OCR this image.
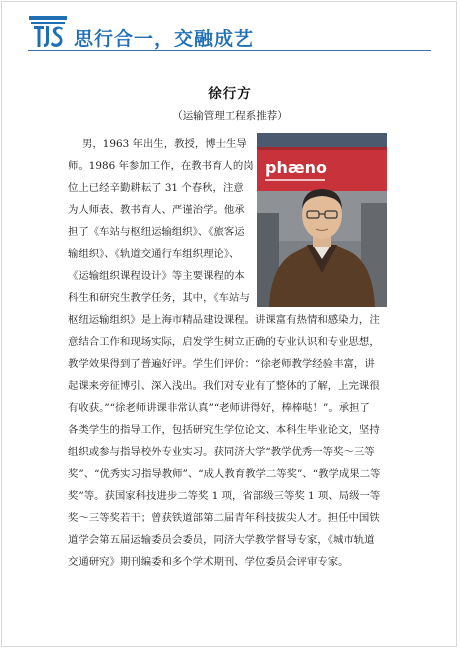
思行合一，交融成艺
徐行方
（运输管理工程系推荐）
phæno
男，1963 年出生，教授，博士生导
师。1986 年参加工作，在教书育人的岗
位上已经辛勤耕耘了 31 个春秋，注意
为人师表、教书育人、严谨治学。他承
担了《车站与枢纽运输组织》、《旅客运
输组织》、《轨道交通行车组织理论》、
《运输组织课程设计》等主要课程的本
科生和研究生教学任务，其中，《车站与
枢纽运输组织》是上海市精品建设课程。讲课富有热情和感染力，注
意结合工作和现场实际，启发学生树立正确的专业认识和专业思想，
教学效果得到了普遍好评。学生们评价：“徐老师教学经验丰富，讲
起课来旁征博引、深入浅出。我们对专业有了整体的了解，上完课很
有收获。”“徐老师讲课非常认真”“老师讲得好，棒棒哒！”。承担了
各类学生的指导工作，包括研究生学位论文、本科生毕业论文，坚持
组织或参与指导校外专业实习。获同济大学“教学优秀一等奖～三等
奖”、“优秀实习指导教师”、“成人教育教学二等奖”、“教学成果二等
奖”等。获国家科技进步二等奖 1 项，省部级三等奖 1 项、局级一等
奖～三等奖若干；曾获铁道部第二届青年科技拔尖人才。担任中国铁
道学会第五届运输委员会委员，同济大学教学督导专家，《城市轨道
交通研究》期刊编委和多个学术期刊、学位委员会评审专家。
